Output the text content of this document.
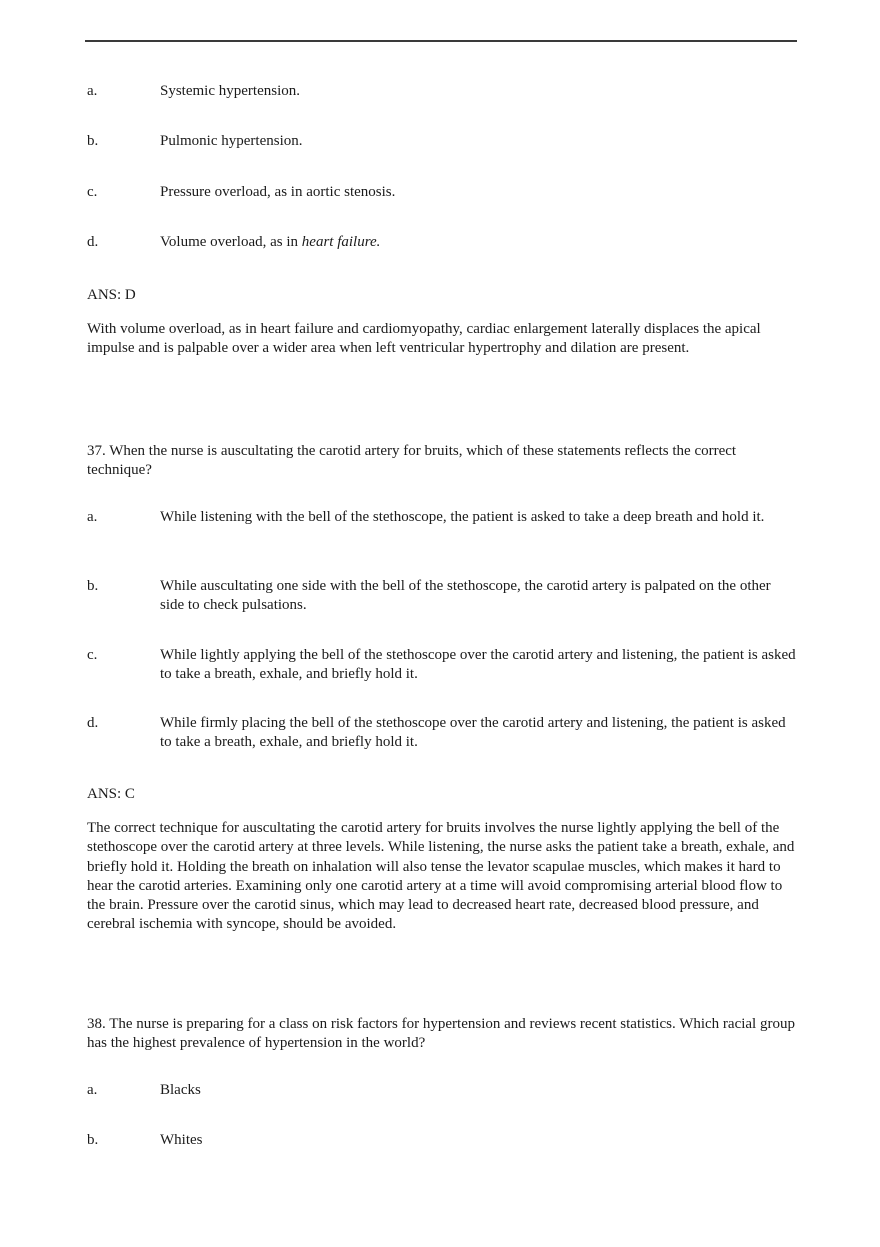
a.	Systemic hypertension.
b.	Pulmonic hypertension.
c.	Pressure overload, as in aortic stenosis.
d.	Volume overload, as in heart failure.
ANS: D
With volume overload, as in heart failure and cardiomyopathy, cardiac enlargement laterally displaces the apical impulse and is palpable over a wider area when left ventricular hypertrophy and dilation are present.
37. When the nurse is auscultating the carotid artery for bruits, which of these statements reflects the correct technique?
a.	While listening with the bell of the stethoscope, the patient is asked to take a deep breath and hold it.
b.	While auscultating one side with the bell of the stethoscope, the carotid artery is palpated on the other side to check pulsations.
c.	While lightly applying the bell of the stethoscope over the carotid artery and listening, the patient is asked to take a breath, exhale, and briefly hold it.
d.	While firmly placing the bell of the stethoscope over the carotid artery and listening, the patient is asked to take a breath, exhale, and briefly hold it.
ANS: C
The correct technique for auscultating the carotid artery for bruits involves the nurse lightly applying the bell of the stethoscope over the carotid artery at three levels. While listening, the nurse asks the patient take a breath, exhale, and briefly hold it. Holding the breath on inhalation will also tense the levator scapulae muscles, which makes it hard to hear the carotid arteries. Examining only one carotid artery at a time will avoid compromising arterial blood flow to the brain. Pressure over the carotid sinus, which may lead to decreased heart rate, decreased blood pressure, and cerebral ischemia with syncope, should be avoided.
38. The nurse is preparing for a class on risk factors for hypertension and reviews recent statistics. Which racial group has the highest prevalence of hypertension in the world?
a.	Blacks
b.	Whites
